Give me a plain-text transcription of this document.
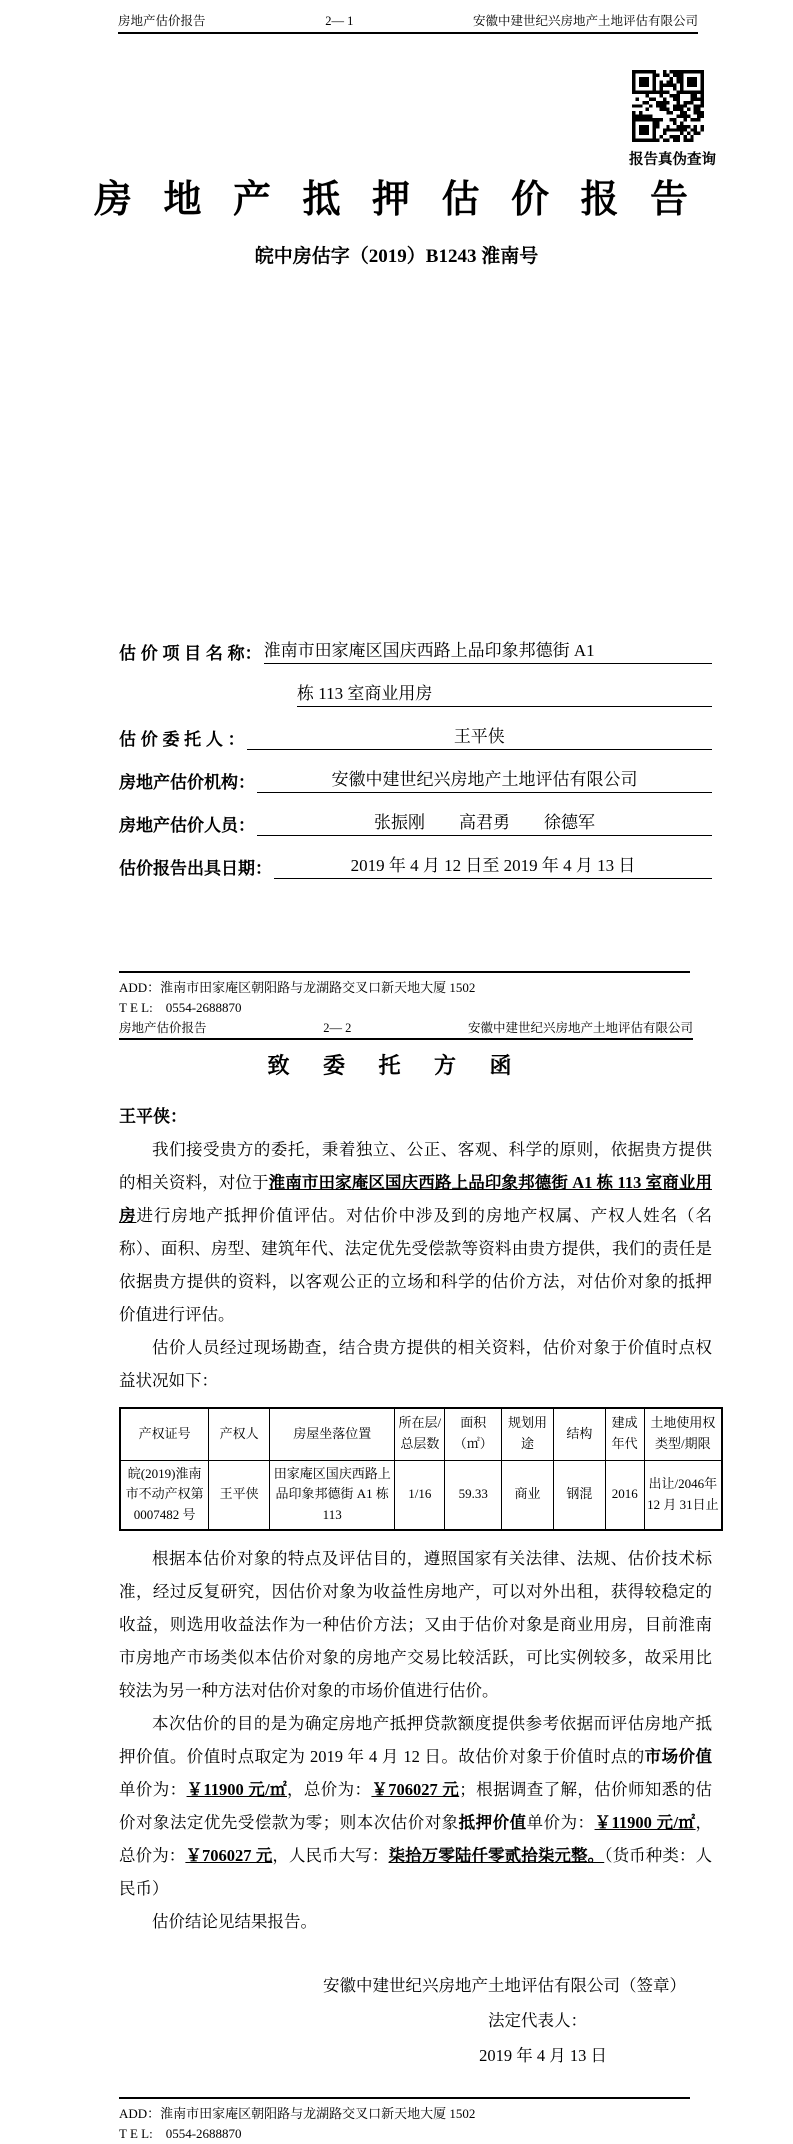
房地产估价报告	2— 1	安徽中建世纪兴房地产土地评估有限公司
报告真伪查询
房 地 产 抵 押 估 价 报 告
皖中房估字（2019）B1243 淮南号
估 价 项 目 名 称： 淮南市田家庵区国庆西路上品印象邦德街 A1
栋 113 室商业用房
估 价 委 托 人 ：	王平侠
房地产估价机构：	安徽中建世纪兴房地产土地评估有限公司
房地产估价人员：	张振刚　　高君勇　　徐德军
估价报告出具日期：	2019 年 4 月 12 日至 2019 年 4 月 13 日
ADD：淮南市田家庵区朝阳路与龙湖路交叉口新天地大厦 1502
T E L:　0554-2688870
房地产估价报告	2— 2	安徽中建世纪兴房地产土地评估有限公司
致 委 托 方 函
王平侠：
我们接受贵方的委托，秉着独立、公正、客观、科学的原则，依据贵方提供的相关资料，对位于淮南市田家庵区国庆西路上品印象邦德街 A1 栋 113 室商业用房进行房地产抵押价值评估。对估价中涉及到的房地产权属、产权人姓名（名称）、面积、房型、建筑年代、法定优先受偿款等资料由贵方提供，我们的责任是依据贵方提供的资料，以客观公正的立场和科学的估价方法，对估价对象的抵押价值进行评估。
估价人员经过现场勘查，结合贵方提供的相关资料，估价对象于价值时点权益状况如下：
产权证号	产权人	房屋坐落位置	所在层/总层数	面积（㎡）	规划用途	结构	建成年代	土地使用权类型/期限
皖(2019)淮南市不动产权第0007482 号	王平侠	田家庵区国庆西路上品印象邦德街 A1 栋113	1/16	59.33	商业	钢混	2016	出让/2046年 12 月 31日止
根据本估价对象的特点及评估目的，遵照国家有关法律、法规、估价技术标准，经过反复研究，因估价对象为收益性房地产，可以对外出租，获得较稳定的收益，则选用收益法作为一种估价方法；又由于估价对象是商业用房，目前淮南市房地产市场类似本估价对象的房地产交易比较活跃，可比实例较多，故采用比较法为另一种方法对估价对象的市场价值进行估价。
本次估价的目的是为确定房地产抵押贷款额度提供参考依据而评估房地产抵押价值。价值时点取定为 2019 年 4 月 12 日。故估价对象于价值时点的市场价值单价为：￥11900 元/㎡，总价为：￥706027 元；根据调查了解，估价师知悉的估价对象法定优先受偿款为零；则本次估价对象抵押价值单价为：￥11900 元/㎡，总价为：￥706027 元，人民币大写：柒拾万零陆仟零贰拾柒元整。（货币种类：人民币）
估价结论见结果报告。
安徽中建世纪兴房地产土地评估有限公司（签章）
法定代表人：
2019 年 4 月 13 日
ADD：淮南市田家庵区朝阳路与龙湖路交叉口新天地大厦 1502
T E L:　0554-2688870
